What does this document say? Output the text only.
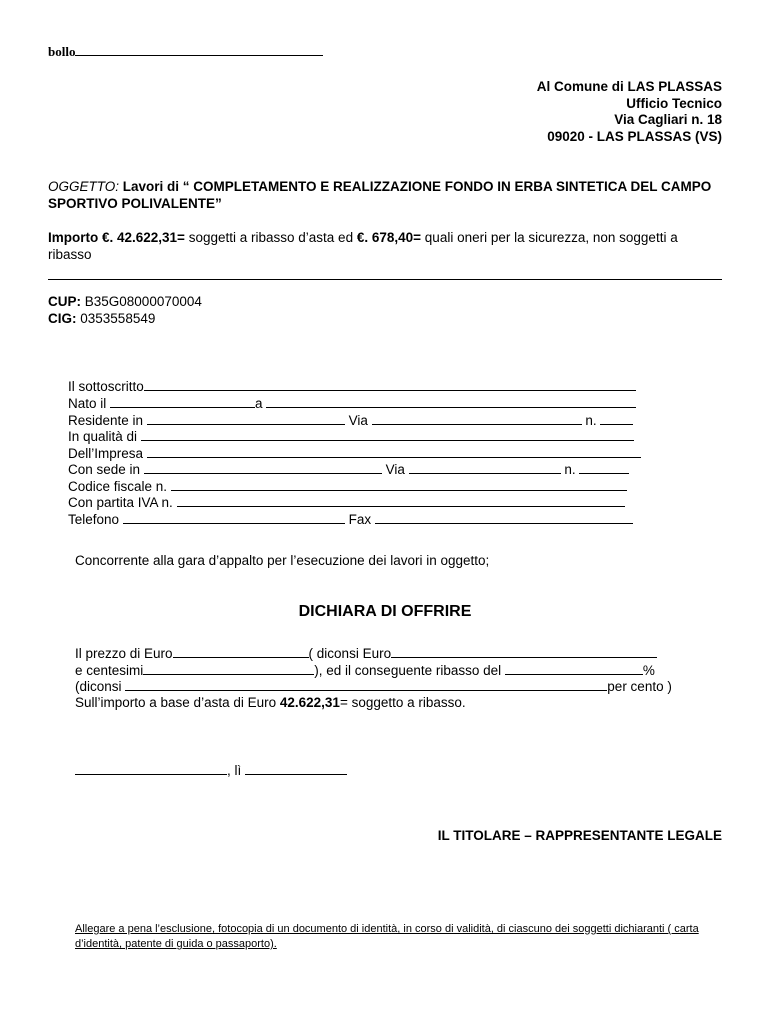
bollo
Al Comune di LAS PLASSAS
Ufficio Tecnico
Via Cagliari n. 18
09020 - LAS PLASSAS (VS)
OGGETTO: Lavori di “ COMPLETAMENTO E REALIZZAZIONE FONDO IN ERBA SINTETICA DEL CAMPO SPORTIVO POLIVALENTE”
Importo €. 42.622,31= soggetti a ribasso d’asta ed €. 678,40= quali oneri per la sicurezza, non soggetti a ribasso
CUP: B35G08000070004
CIG: 0353558549
Il sottoscritto
Nato il	a
Residente in	Via	n.
In qualità di
Dell’Impresa
Con sede in	Via	n.
Codice fiscale n.
Con partita IVA n.
Telefono	Fax
Concorrente alla gara d’appalto per l’esecuzione dei lavori in oggetto;
DICHIARA DI OFFRIRE
Il prezzo di Euro	( diconsi Euro
e centesimi	), ed il conseguente ribasso del	%
(diconsi	per cento )
Sull’importo a base d’asta di Euro 42.622,31= soggetto a ribasso.
, lì
IL TITOLARE – RAPPRESENTANTE LEGALE
Allegare a pena l’esclusione, fotocopia di un documento di identità, in corso di validità, di ciascuno dei soggetti dichiaranti ( carta d’identità, patente di guida o passaporto).
